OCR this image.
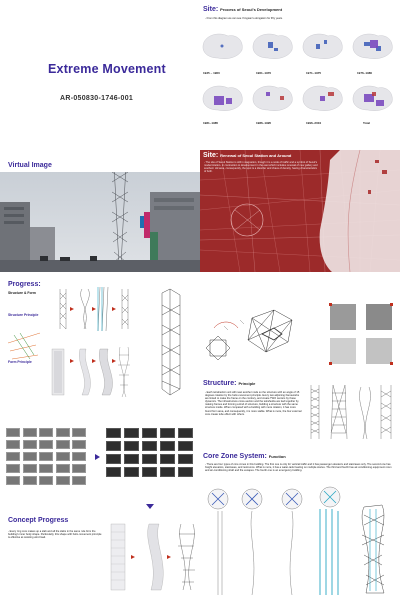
Extreme Movement
AR-050830-1746-001
Site: Process of Seoul's Development
- From this diagram we can see Yongsan's elongation for fifty years.
1935 ~ 1960	1961~1970	1971~1975	1976~1980
1981~1985	1986~1995	1996~2004	Total
Site: Renewal of Seoul Station and Around
- The site of Seoul Station is still in stagnation, though it is a node of traffic and a symbol of Seoul's modernization. In contraction to development in the east which includes renewal of new gallery and southern old area, consequently, the spot is a disorder and chaos of density, having characteristics of both.
Virtual Image
Progress:
Structure & Form
Structure Principle
Form Principle
Structure: Principle
- Each tetrahedron unit will meet another node so the structure with an angle of 15 degrees rotation by the helix-movement principle. Every two adjoining frameworks are linked to make the frame on the contrary, and create TWO centers by these dynamics. The infrastructure cross-section and the tetrahedra are tied together by making frames and forming a kind of structure, building a structure with the same structure inside. When compared with a building with more rotation, it has more found form area, and consequently, it is more stable. What is more, the four external core create tube effect with others.
Concept Progress
- Every ring core makes up a slab and all the slabs in the same rule form the building's inner body shape. Particularly, this shape with helix-movement principle is effective at resisting wind load.
Core Zone System: Function
- There are four types of core zones in this building. The first one is only for vertical traffic and it has passenger elevators and staircases only. The second one has freight elevators, staircases, and restrooms. What is more, it has a water-tank heating on multiple stories. The third and fourth has air-conditioning equipment room and air-conditioning shaft and fire escapes. The fourth one is an emergency building.
